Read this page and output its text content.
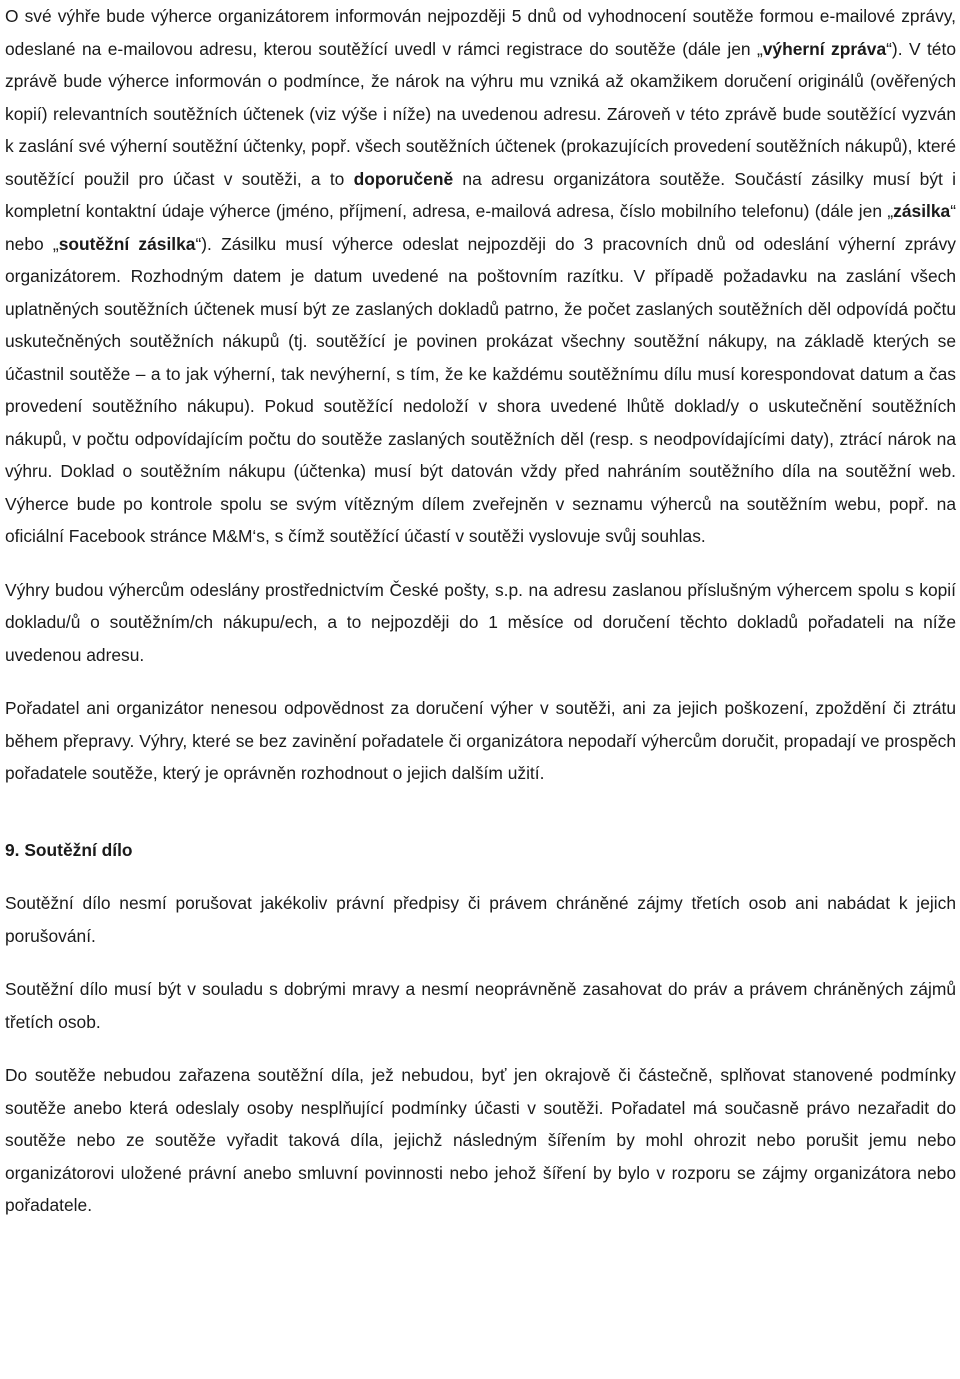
O své výhře bude výherce organizátorem informován nejpozději 5 dnů od vyhodnocení soutěže formou e-mailové zprávy, odeslané na e-mailovou adresu, kterou soutěžící uvedl v rámci registrace do soutěže (dále jen „výherní zpráva“). V této zprávě bude výherce informován o podmínce, že nárok na výhru mu vzniká až okamžikem doručení originálů (ověřených kopií) relevantních soutěžních účtenek (viz výše i níže) na uvedenou adresu. Zároveň v této zprávě bude soutěžící vyzván k zaslání své výherní soutěžní účtenky, popř. všech soutěžních účtenek (prokazujících provedení soutěžních nákupů), které soutěžící použil pro účast v soutěži, a to doporučeně na adresu organizátora soutěže. Součástí zásilky musí být i kompletní kontaktní údaje výherce (jméno, příjmení, adresa, e-mailová adresa, číslo mobilního telefonu) (dále jen „zásilka“ nebo „soutěžní zásilka“). Zásilku musí výherce odeslat nejpozději do 3 pracovních dnů od odeslání výherní zprávy organizátorem. Rozhodným datem je datum uvedené na poštovním razítku. V případě požadavku na zaslání všech uplatněných soutěžních účtenek musí být ze zaslaných dokladů patrno, že počet zaslaných soutěžních děl odpovídá počtu uskutečněných soutěžních nákupů (tj. soutěžící je povinen prokázat všechny soutěžní nákupy, na základě kterých se účastnil soutěže – a to jak výherní, tak nevýherní, s tím, že ke každému soutěžnímu dílu musí korespondovat datum a čas provedení soutěžního nákupu). Pokud soutěžící nedoloží v shora uvedené lhůtě doklad/y o uskutečnění soutěžních nákupů, v počtu odpovídajícím počtu do soutěže zaslaných soutěžních děl (resp. s neodpovídajícími daty), ztrácí nárok na výhru. Doklad o soutěžním nákupu (účtenka) musí být datován vždy před nahráním soutěžního díla na soutěžní web. Výherce bude po kontrole spolu se svým vítězným dílem zveřejněn v seznamu výherců na soutěžním webu, popř. na oficiální Facebook stránce M&M‘s, s čímž soutěžící účastí v soutěži vyslovuje svůj souhlas.

Výhry budou výhercům odeslány prostřednictvím České pošty, s.p. na adresu zaslanou příslušným výhercem spolu s kopií dokladu/ů o soutěžním/ch nákupu/ech, a to nejpozději do 1 měsíce od doručení těchto dokladů pořadateli na níže uvedenou adresu.

Pořadatel ani organizátor nenesou odpovědnost za doručení výher v soutěži, ani za jejich poškození, zpoždění či ztrátu během přepravy. Výhry, které se bez zavinění pořadatele či organizátora nepodaří výhercům doručit, propadají ve prospěch pořadatele soutěže, který je oprávněn rozhodnout o jejich dalším užití.

9. Soutěžní dílo

Soutěžní dílo nesmí porušovat jakékoliv právní předpisy či právem chráněné zájmy třetích osob ani nabádat k jejich porušování.

Soutěžní dílo musí být v souladu s dobrými mravy a nesmí neoprávněně zasahovat do práv a právem chráněných zájmů třetích osob.

Do soutěže nebudou zařazena soutěžní díla, jež nebudou, byť jen okrajově či částečně, splňovat stanovené podmínky soutěže anebo která odeslaly osoby nesplňující podmínky účasti v soutěži. Pořadatel má současně právo nezařadit do soutěže nebo ze soutěže vyřadit taková díla, jejichž následným šířením by mohl ohrozit nebo porušit jemu nebo organizátorovi uložené právní anebo smluvní povinnosti nebo jehož šíření by bylo v rozporu se zájmy organizátora nebo pořadatele.
